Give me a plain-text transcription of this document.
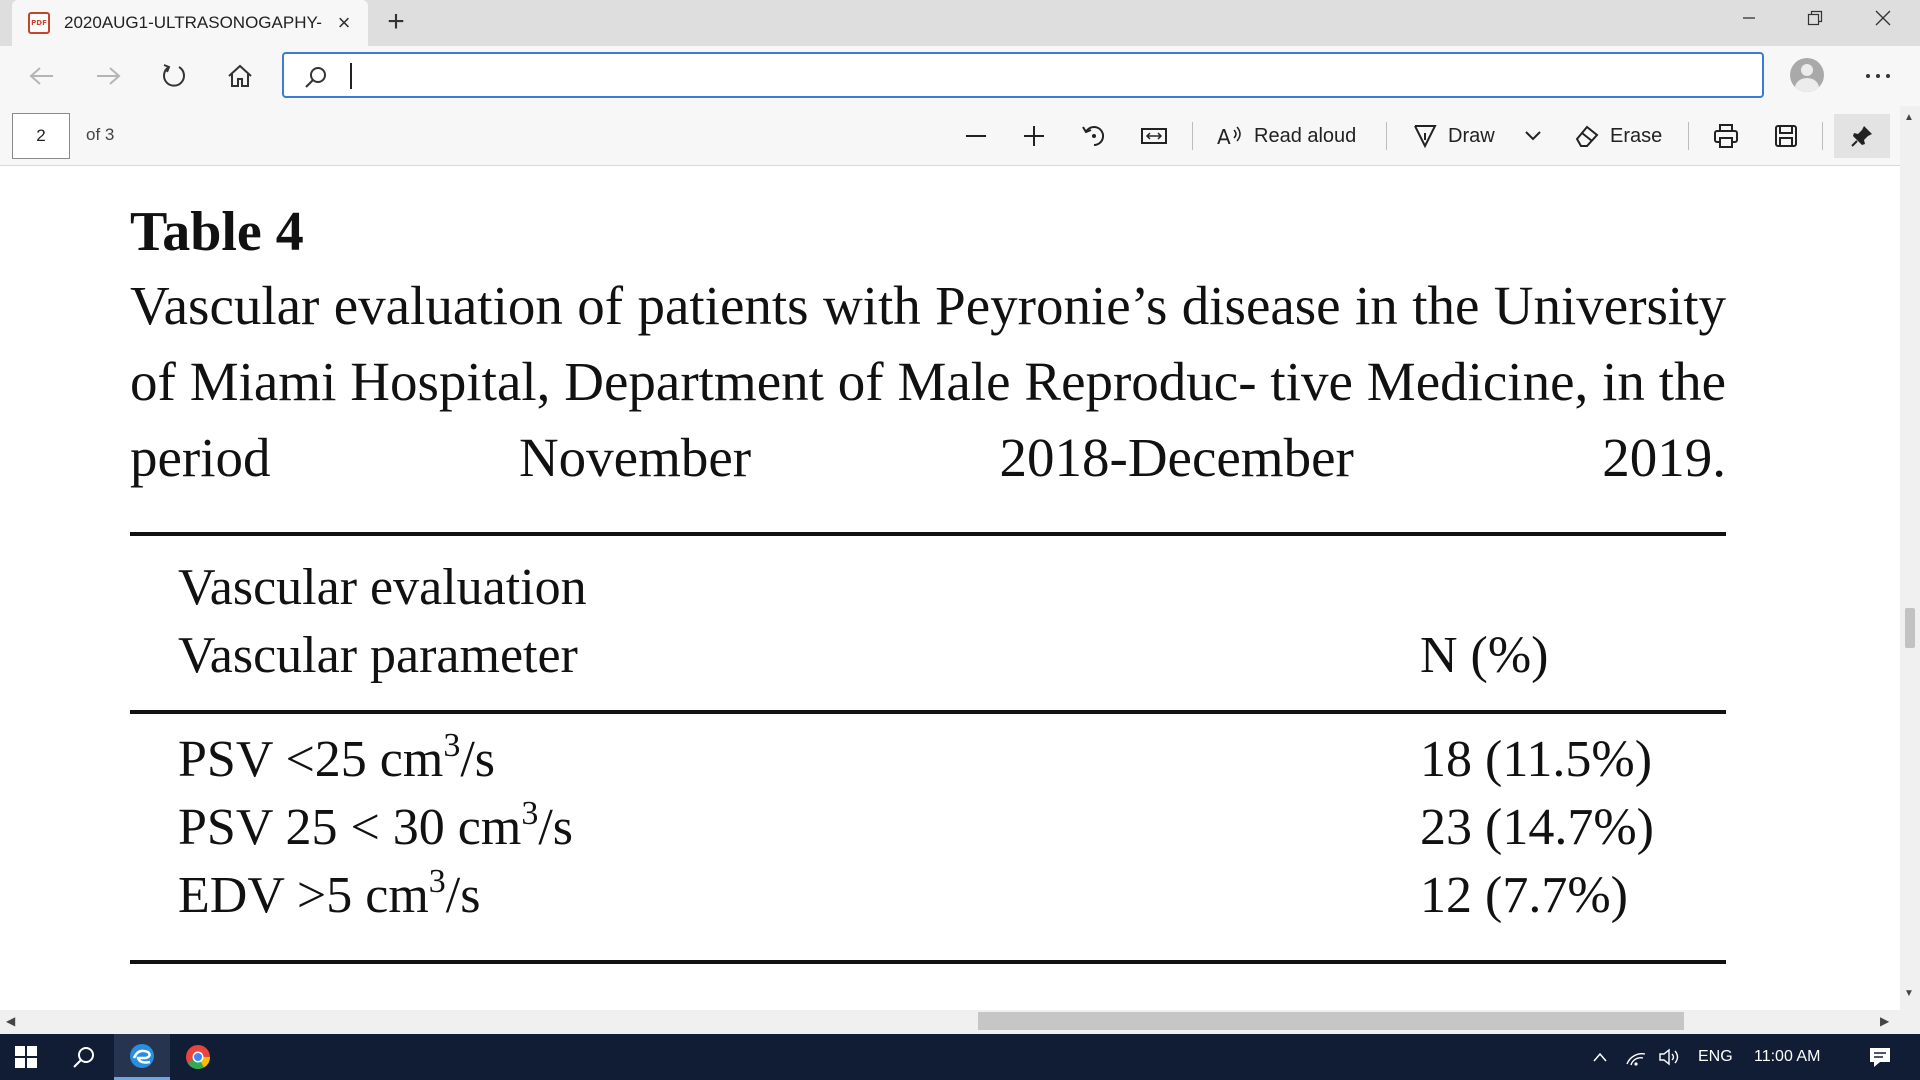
PDF 2020AUG1-ULTRASONOGAPHY- ×	+
2
of 3	A Read aloud	Draw	Erase
Table 4
Vascular evaluation of patients with Peyronie’s disease in the University of Miami Hospital, Department of Male Reproduc- tive Medicine, in the period November 2018-December 2019.
Vascular evaluation
Vascular parameter	N (%)
PSV <25 $cm^3/s$	18 (11.5%)
PSV 25 < 30 $cm^3/s$	23 (14.7%)
EDV >5 $cm^3/s$	12 (7.7%)
▲
▼
◀	▶
ENG 11:00 AM
